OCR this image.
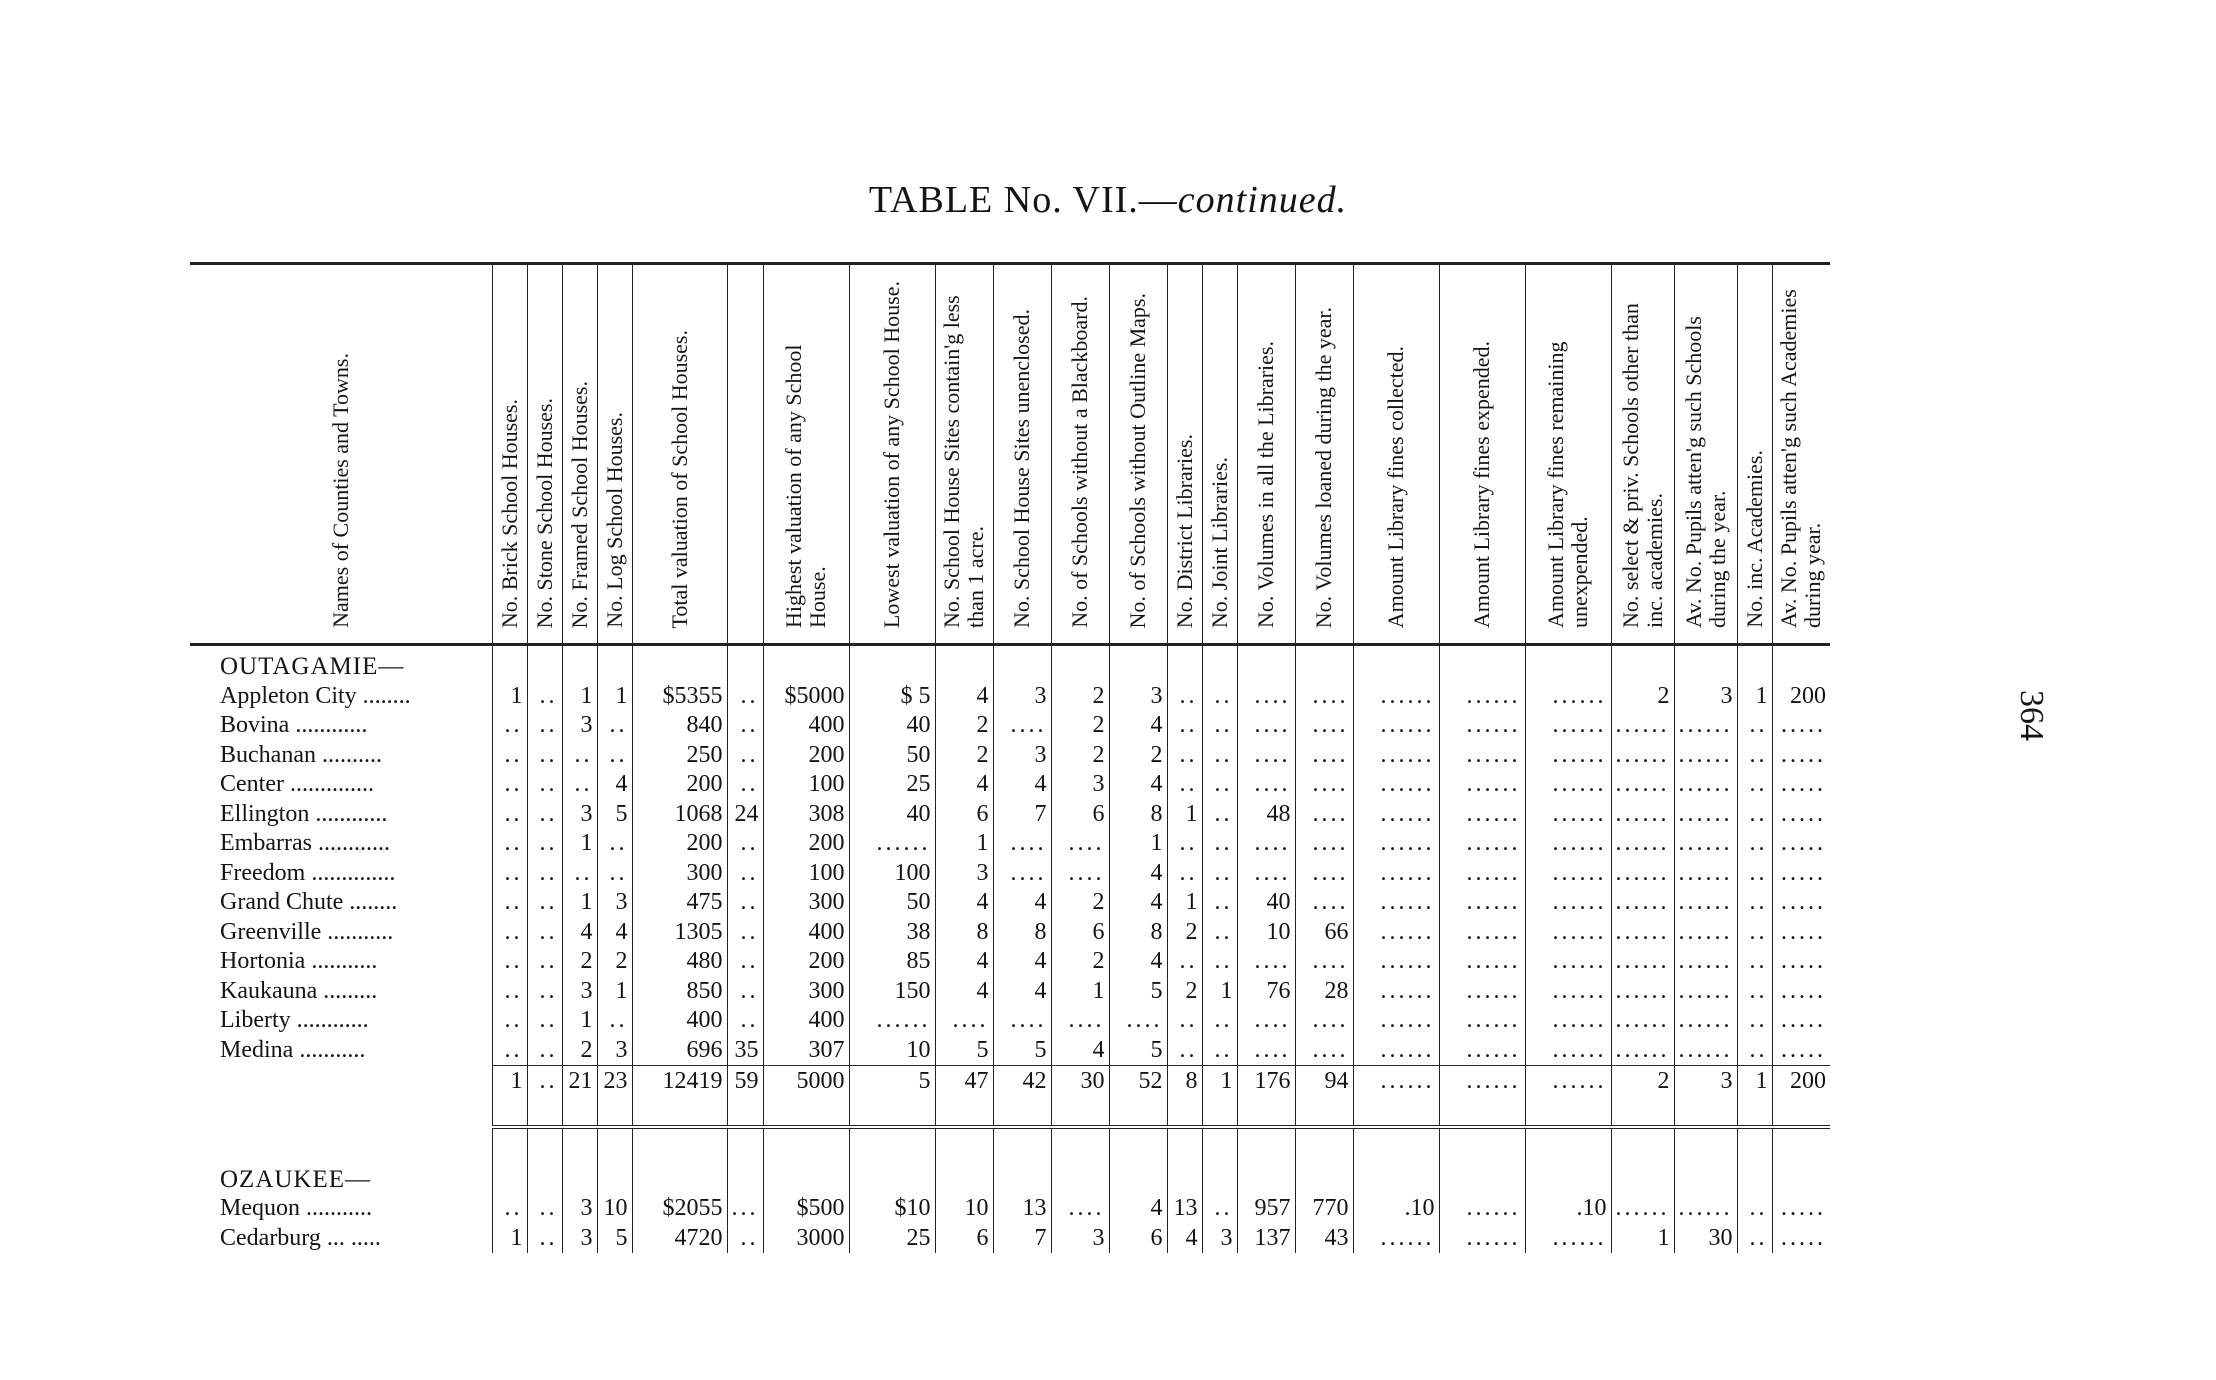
TABLE No. VII.—continued.
364
Names of Counties and Towns.	No. Brick School Houses.	No. Stone School Houses.	No. Framed School Houses.	No. Log School Houses.	Total valuation of School Houses.		Highest valuation of any School House.	Lowest valuation of any School House.	No. School House Sites contain'g less than 1 acre.	No. School House Sites unenclosed.	No. of Schools without a Blackboard.	No. of Schools without Outline Maps.	No. District Libraries.	No. Joint Libraries.	No. Volumes in all the Libraries.	No. Volumes loaned during the year.	Amount Library fines collected.	Amount Library fines expended.	Amount Library fines remaining unexpended.	No. select & priv. Schools other than inc. academies.	Av. No. Pupils atten'g such Schools during the year.	No. inc. Academies.	Av. No. Pupils atten'g such Academies during year.
OUTAGAMIE—																							
Appleton City ........	1	..	1	1	$5355	..	$5000	$ 5	4	3	2	3	..	..	....	....	......	......	......	2	3	1	200
Bovina ............	..	..	3	..	840	..	400	40	2	....	2	4	..	..	....	....	......	......	......	......	......	..	.....
Buchanan ..........	..	..	..	..	250	..	200	50	2	3	2	2	..	..	....	....	......	......	......	......	......	..	.....
Center ..............	..	..	..	4	200	..	100	25	4	4	3	4	..	..	....	....	......	......	......	......	......	..	.....
Ellington ............	..	..	3	5	1068	24	308	40	6	7	6	8	1	..	48	....	......	......	......	......	......	..	.....
Embarras ............	..	..	1	..	200	..	200	......	1	....	....	1	..	..	....	....	......	......	......	......	......	..	.....
Freedom ..............	..	..	..	..	300	..	100	100	3	....	....	4	..	..	....	....	......	......	......	......	......	..	.....
Grand Chute ........	..	..	1	3	475	..	300	50	4	4	2	4	1	..	40	....	......	......	......	......	......	..	.....
Greenville ...........	..	..	4	4	1305	..	400	38	8	8	6	8	2	..	10	66	......	......	......	......	......	..	.....
Hortonia ...........	..	..	2	2	480	..	200	85	4	4	2	4	..	..	....	....	......	......	......	......	......	..	.....
Kaukauna .........	..	..	3	1	850	..	300	150	4	4	1	5	2	1	76	28	......	......	......	......	......	..	.....
Liberty ............	..	..	1	..	400	..	400	......	....	....	....	....	..	..	....	....	......	......	......	......	......	..	.....
Medina ...........	..	..	2	3	696	35	307	10	5	5	4	5	..	..	....	....	......	......	......	......	......	..	.....
	1	..	21	23	12419	59	5000	5	47	42	30	52	8	1	176	94	......	......	......	2	3	1	200

OZAUKEE—																							
Mequon ...........	..	..	3	10	$2055	...	$500	$10	10	13	....	4	13	..	957	770	.10	......	.10	......	......	..	.....
Cedarburg ... .....	1	..	3	5	4720	..	3000	25	6	7	3	6	4	3	137	43	......	......	......	1	30	..	.....
